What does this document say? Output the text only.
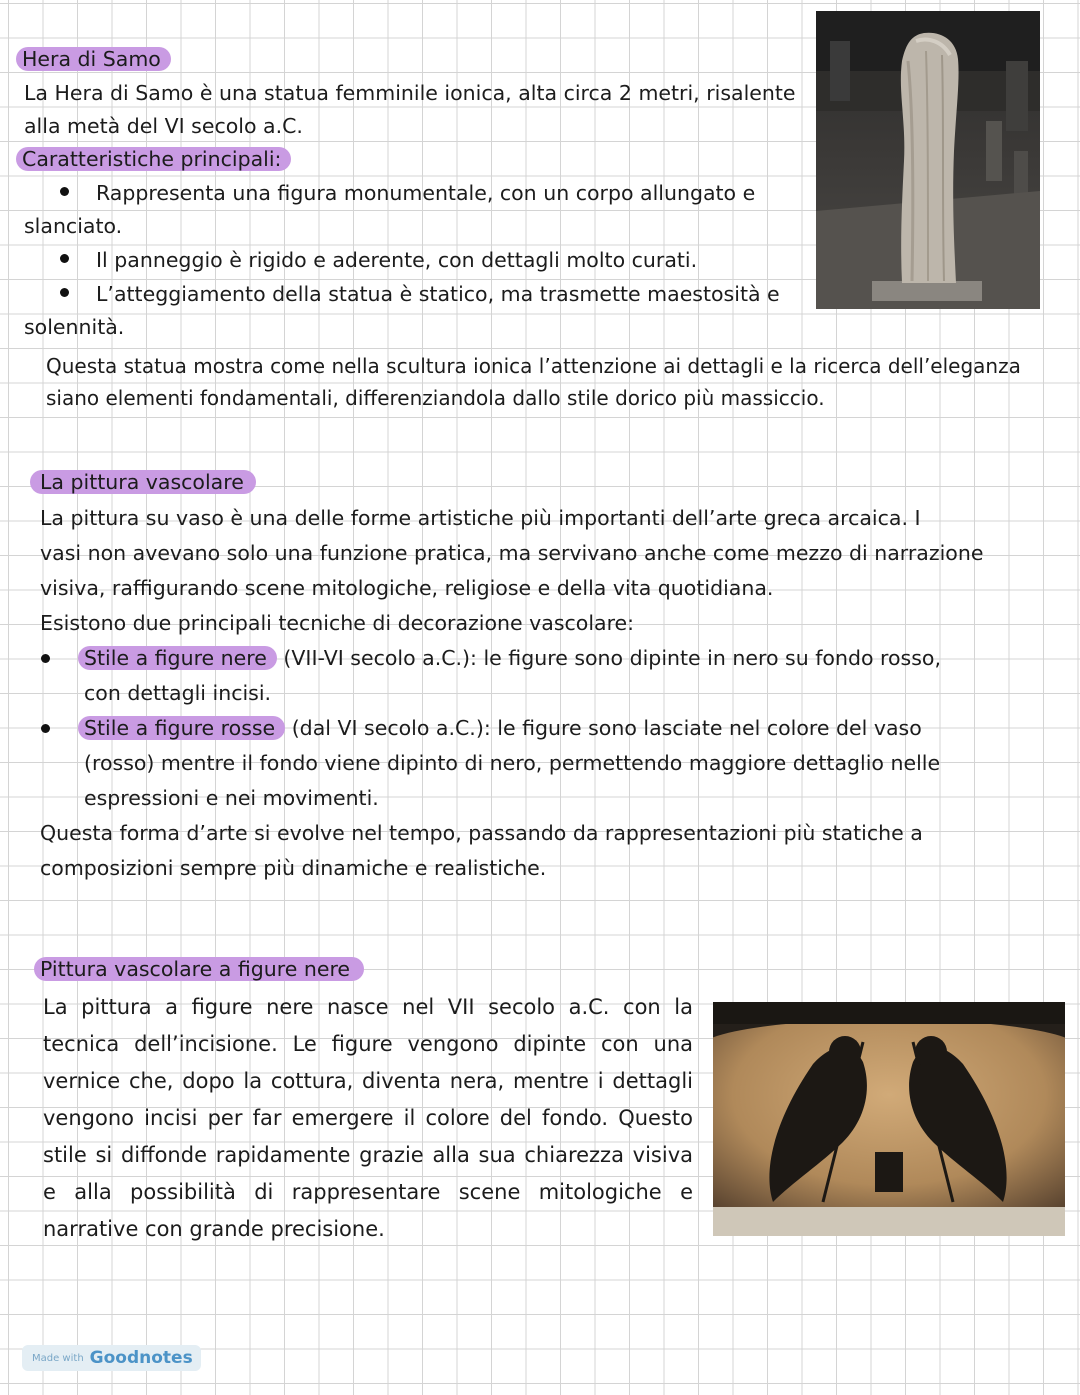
Hera di Samo
La Hera di Samo è una statua femminile ionica, alta circa 2 metri, risalente
alla metà del VI secolo a.C.
Caratteristiche principali:
Rappresenta una figura monumentale, con un corpo allungato e
slanciato.
Il panneggio è rigido e aderente, con dettagli molto curati.
L’atteggiamento della statua è statico, ma trasmette maestosità e
solennità.
Questa statua mostra come nella scultura ionica l’attenzione ai dettagli e la ricerca dell’eleganza
siano elementi fondamentali, differenziandola dallo stile dorico più massiccio.
La pittura vascolare
La pittura su vaso è una delle forme artistiche più importanti dell’arte greca arcaica. I
vasi non avevano solo una funzione pratica, ma servivano anche come mezzo di narrazione
visiva, raffigurando scene mitologiche, religiose e della vita quotidiana.
Esistono due principali tecniche di decorazione vascolare:
Stile a figure nere (VII-VI secolo a.C.): le figure sono dipinte in nero su fondo rosso,
con dettagli incisi.
Stile a figure rosse (dal VI secolo a.C.): le figure sono lasciate nel colore del vaso
(rosso) mentre il fondo viene dipinto di nero, permettendo maggiore dettaglio nelle
espressioni e nei movimenti.
Questa forma d’arte si evolve nel tempo, passando da rappresentazioni più statiche a
composizioni sempre più dinamiche e realistiche.
Pittura vascolare a figure nere
La pittura a figure nere nasce nel VII secolo a.C. con la tecnica dell’incisione. Le figure vengono dipinte con una vernice che, dopo la cottura, diventa nera, mentre i dettagli vengono incisi per far emergere il colore del fondo. Questo stile si diffonde rapidamente grazie alla sua chiarezza visiva e alla possibilità di rappresentare scene mitologiche e narrative con grande precisione.
Made with Goodnotes
